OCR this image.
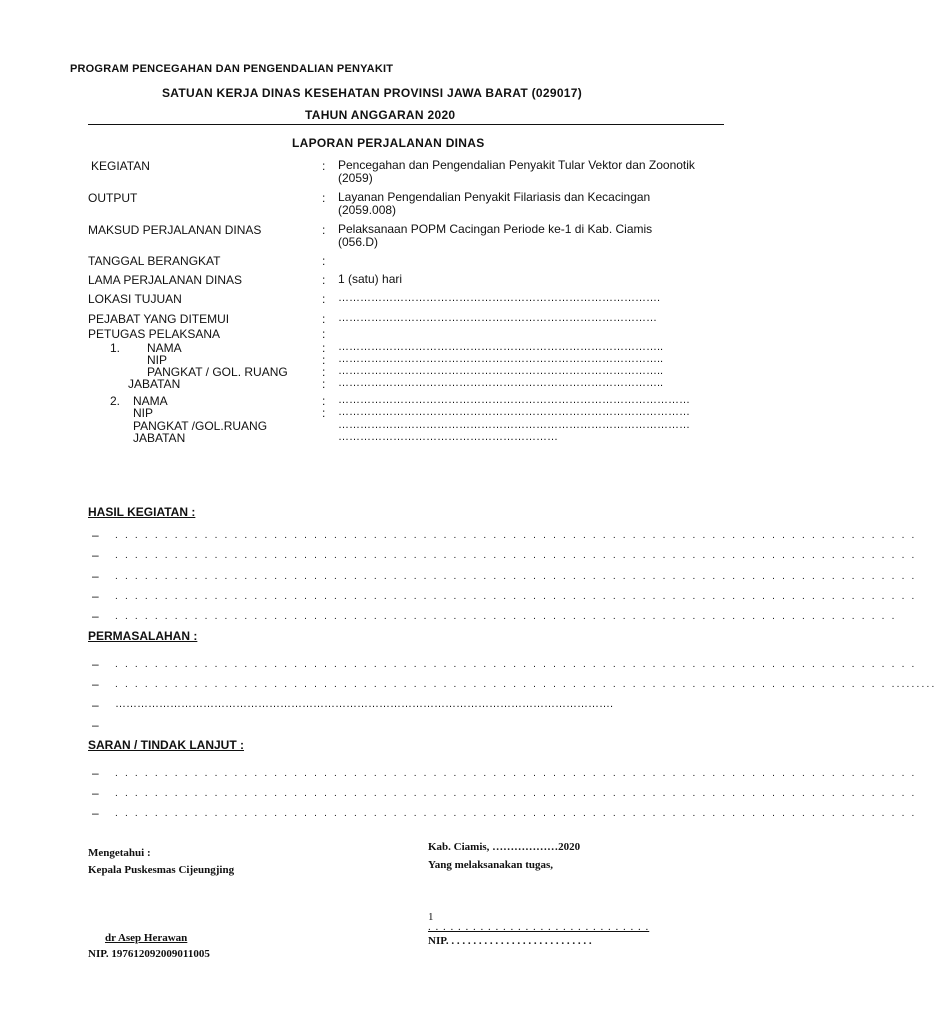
PROGRAM PENCEGAHAN DAN PENGENDALIAN PENYAKIT
SATUAN KERJA DINAS KESEHATAN PROVINSI JAWA BARAT (029017)
TAHUN ANGGARAN 2020
LAPORAN PERJALANAN DINAS
KEGIATAN	: Pencegahan dan Pengendalian Penyakit Tular Vektor dan Zoonotik (2059)
OUTPUT	: Layanan Pengendalian Penyakit Filariasis dan Kecacingan (2059.008)
MAKSUD PERJALANAN DINAS	: Pelaksanaan POPM Cacingan Periode ke-1 di Kab. Ciamis (056.D)
TANGGAL BERANGKAT	:
LAMA PERJALANAN DINAS	: 1 (satu) hari
LOKASI TUJUAN	: …………………………………………………………………………….
PEJABAT YANG DITEMUI	: ……………………………………………………………………………
PETUGAS PELAKSANA	:
1. NAMA	: ……………………………………………………………………………..
NIP	: ……………………………………………………………………………..
PANGKAT / GOL. RUANG	: ……………………………………………………………………………..
JABATAN	: ……………………………………………………………………………..
2. NAMA	: ……………………………………………………………………………………
NIP	: ……………………………………………………………………………………
PANGKAT /GOL.RUANG	……………………………………………………………………………………
JABATAN	……………………………………………………
HASIL KEGIATAN :
– . . . . . . . . . . . . . . . . . . . . . . . . . . . . . . . . . . . . . . . . . . . . . . . . . . . . . . . . . . . . . . . . . . . . . . . . . . . . . . . . .
– . . . . . . . . . . . . . . . . . . . . . . . . . . . . . . . . . . . . . . . . . . . . . . . . . . . . . . . . . . . . . . . . . . . . . . . . . . . . . . . . .
– . . . . . . . . . . . . . . . . . . . . . . . . . . . . . . . . . . . . . . . . . . . . . . . . . . . . . . . . . . . . . . . . . . . . . . . . . . . . . . . . .
– . . . . . . . . . . . . . . . . . . . . . . . . . . . . . . . . . . . . . . . . . . . . . . . . . . . . . . . . . . . . . . . . . . . . . . . . . . . . . . . . .
– . . . . . . . . . . . . . . . . . . . . . . . . . . . . . . . . . . . . . . . . . . . . . . . . . . . . . . . . . . . . . . . . . . . . . . . . . . . . . . .
PERMASALAHAN :
– . . . . . . . . . . . . . . . . . . . . . . . . . . . . . . . . . . . . . . . . . . . . . . . . . . . . . . . . . . . . . . . . . . . . . . . . . . . . . . . . .
– . . . . . . . . . . . . . . . . . . . . . . . . . . . . . . . . . . . . . . . . . . . . . . . . . . . . . . . . . . . . . . . . . . . . . . . . . . . . . . .........
– ……………………………………………………………………………………………………………………….
–
SARAN / TINDAK LANJUT :
– . . . . . . . . . . . . . . . . . . . . . . . . . . . . . . . . . . . . . . . . . . . . . . . . . . . . . . . . . . . . . . . . . . . . . . . . . . . . . . . . .
– . . . . . . . . . . . . . . . . . . . . . . . . . . . . . . . . . . . . . . . . . . . . . . . . . . . . . . . . . . . . . . . . . . . . . . . . . . . . . . . . .
– . . . . . . . . . . . . . . . . . . . . . . . . . . . . . . . . . . . . . . . . . . . . . . . . . . . . . . . . . . . . . . . . . . . . . . . . . . . . . . . . .
Mengetahui :
Kepala Puskesmas Cijeungjing
dr Asep Herawan
NIP. 197612092009011005
Kab. Ciamis, ………………2020
Yang melaksanakan tugas,
1
. . . . . . . . . . . . . . . . . . . . . . . . . . . . . .
NIP. . . . . . . . . . . . . . . . . . . . . . . . . . .
